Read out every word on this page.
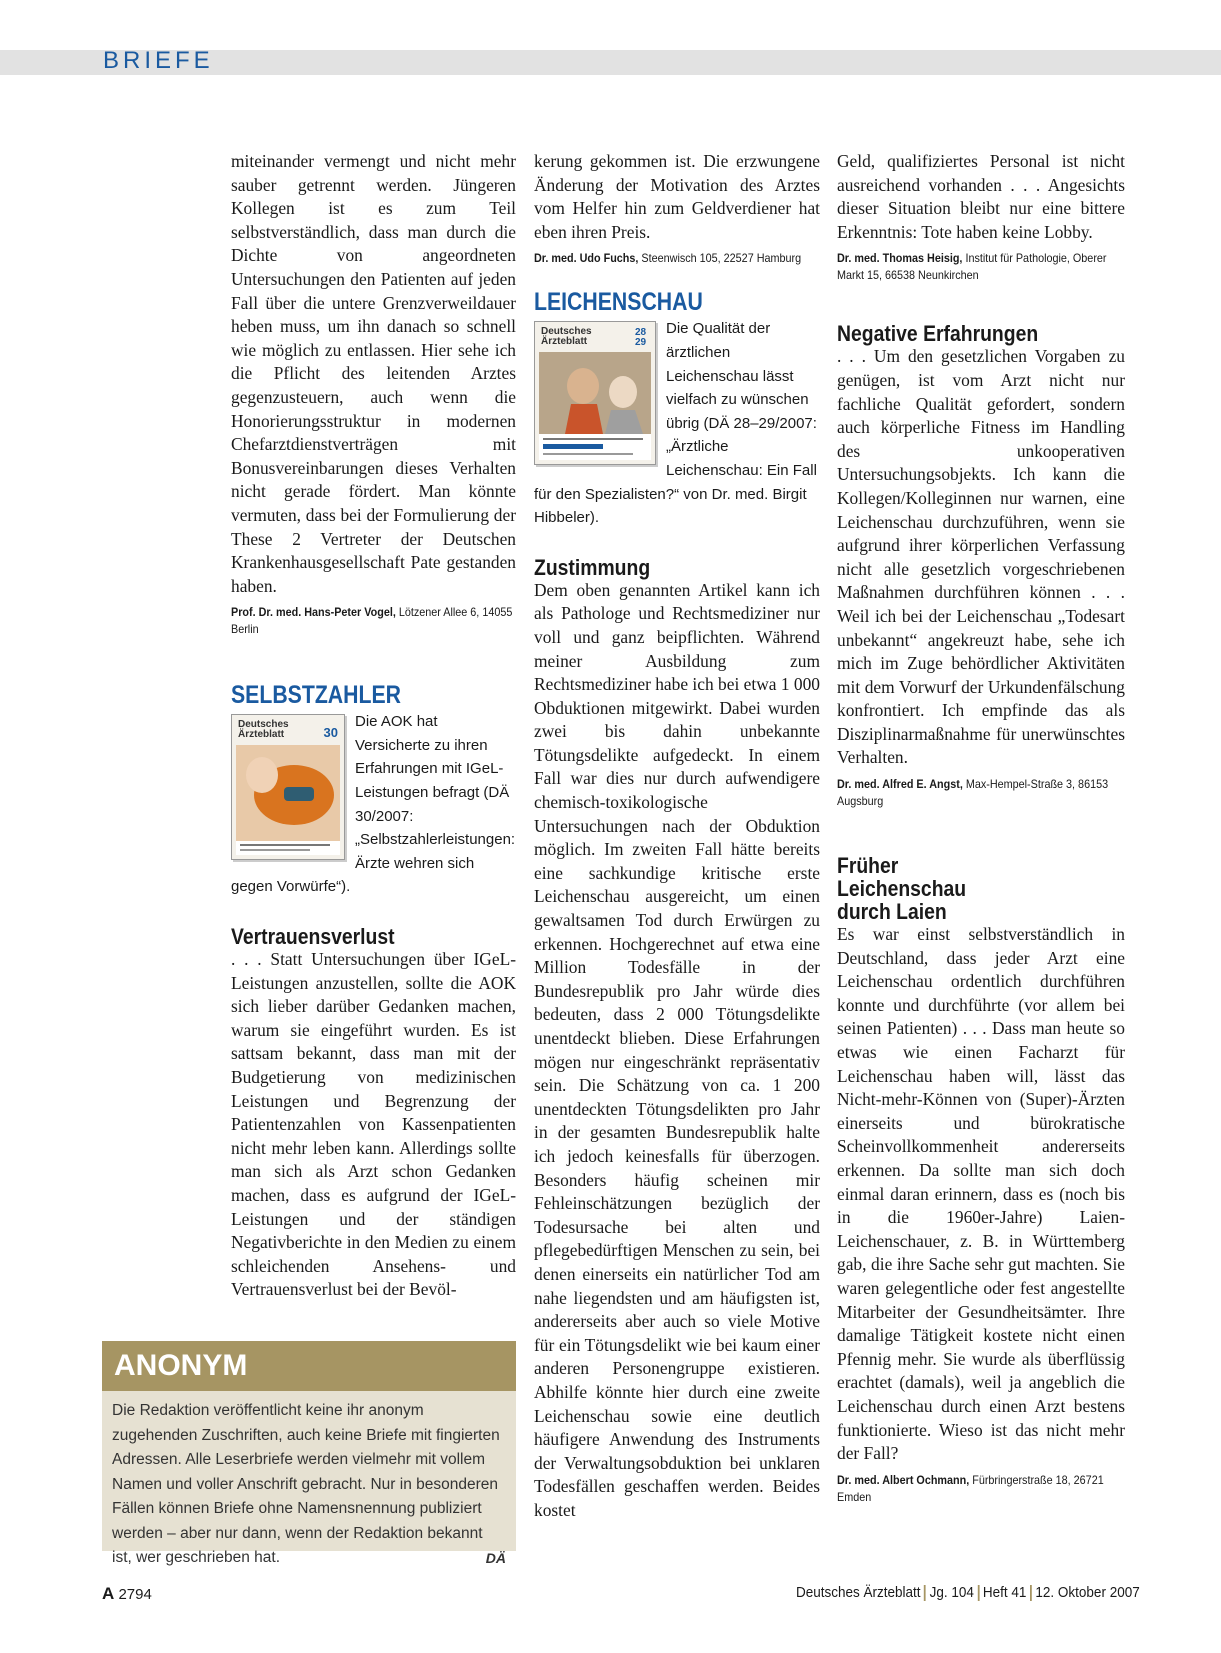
BRIEFE

miteinander vermengt und nicht mehr sauber getrennt werden. Jüngeren Kollegen ist es zum Teil selbstverständlich, dass man durch die Dichte von angeordneten Untersuchungen den Patienten auf jeden Fall über die untere Grenzverweildauer heben muss, um ihn danach so schnell wie möglich zu entlassen. Hier sehe ich die Pflicht des leitenden Arztes gegenzusteuern, auch wenn die Honorierungsstruktur in modernen Chefarztdienstverträgen mit Bonusvereinbarungen dieses Verhalten nicht gerade fördert. Man könnte vermuten, dass bei der Formulierung der These 2 Vertreter der Deutschen Krankenhausgesellschaft Pate gestanden haben.

Prof. Dr. med. Hans-Peter Vogel, Lötzener Allee 6, 14055 Berlin

SELBSTZAHLER
Deutsches Ärzteblatt	30
Die AOK hat Versicherte zu ihren Erfahrungen mit IGeL-Leistungen befragt (DÄ 30/2007: „Selbstzahlerleistungen: Ärzte wehren sich gegen Vorwürfe“).
Vertrauensverlust

. . . Statt Untersuchungen über IGeL-Leistungen anzustellen, sollte die AOK sich lieber darüber Gedanken machen, warum sie eingeführt wurden. Es ist sattsam bekannt, dass man mit der Budgetierung von medizinischen Leistungen und Begrenzung der Patientenzahlen von Kassenpatienten nicht mehr leben kann. Allerdings sollte man sich als Arzt schon Gedanken machen, dass es aufgrund der IGeL-Leistungen und der ständigen Negativberichte in den Medien zu einem schleichenden Ansehens- und Vertrauensverlust bei der Bevöl-

kerung gekommen ist. Die erzwungene Änderung der Motivation des Arztes vom Helfer hin zum Geldverdiener hat eben ihren Preis.

Dr. med. Udo Fuchs, Steenwisch 105, 22527 Hamburg

LEICHENSCHAU
Deutsches Ärzteblatt
28 29
Die Qualität der ärztlichen Leichenschau lässt vielfach zu wünschen übrig (DÄ 28–29/2007: „Ärztliche Leichenschau: Ein Fall für den Spezialisten?“ von Dr. med. Birgit Hibbeler).
Zustimmung

Dem oben genannten Artikel kann ich als Pathologe und Rechtsmediziner nur voll und ganz beipflichten. Während meiner Ausbildung zum Rechtsmediziner habe ich bei etwa 1 000 Obduktionen mitgewirkt. Dabei wurden zwei bis dahin unbekannte Tötungsdelikte aufgedeckt. In einem Fall war dies nur durch aufwendigere chemisch-toxikologische Untersuchungen nach der Obduktion möglich. Im zweiten Fall hätte bereits eine sachkundige kritische erste Leichenschau ausgereicht, um einen gewaltsamen Tod durch Erwürgen zu erkennen. Hochgerechnet auf etwa eine Million Todesfälle in der Bundesrepublik pro Jahr würde dies bedeuten, dass 2 000 Tötungsdelikte unentdeckt blieben. Diese Erfahrungen mögen nur eingeschränkt repräsentativ sein. Die Schätzung von ca. 1 200 unentdeckten Tötungsdelikten pro Jahr in der gesamten Bundesrepublik halte ich jedoch keinesfalls für überzogen. Besonders häufig scheinen mir Fehleinschätzungen bezüglich der Todesursache bei alten und pflegebedürftigen Menschen zu sein, bei denen einerseits ein natürlicher Tod am nahe liegendsten und am häufigsten ist, andererseits aber auch so viele Motive für ein Tötungsdelikt wie bei kaum einer anderen Personengruppe existieren. Abhilfe könnte hier durch eine zweite Leichenschau sowie eine deutlich häufigere Anwendung des Instruments der Verwaltungsobduktion bei unklaren Todesfällen geschaffen werden. Beides kostet

Geld, qualifiziertes Personal ist nicht ausreichend vorhanden . . . Angesichts dieser Situation bleibt nur eine bittere Erkenntnis: Tote haben keine Lobby.

Dr. med. Thomas Heisig, Institut für Pathologie, Oberer Markt 15, 66538 Neunkirchen

Negative Erfahrungen

. . . Um den gesetzlichen Vorgaben zu genügen, ist vom Arzt nicht nur fachliche Qualität gefordert, sondern auch körperliche Fitness im Handling des unkooperativen Untersuchungsobjekts. Ich kann die Kollegen/Kolleginnen nur warnen, eine Leichenschau durchzuführen, wenn sie aufgrund ihrer körperlichen Verfassung nicht alle gesetzlich vorgeschriebenen Maßnahmen durchführen können . . . Weil ich bei der Leichenschau „Todesart unbekannt“ angekreuzt habe, sehe ich mich im Zuge behördlicher Aktivitäten mit dem Vorwurf der Urkundenfälschung konfrontiert. Ich empfinde das als Disziplinarmaßnahme für unerwünschtes Verhalten.

Dr. med. Alfred E. Angst, Max-Hempel-Straße 3, 86153 Augsburg

Früher Leichenschau durch Laien

Es war einst selbstverständlich in Deutschland, dass jeder Arzt eine Leichenschau ordentlich durchführen konnte und durchführte (vor allem bei seinen Patienten) . . . Dass man heute so etwas wie einen Facharzt für Leichenschau haben will, lässt das Nicht-mehr-Können von (Super)-Ärzten einerseits und bürokratische Scheinvollkommenheit andererseits erkennen. Da sollte man sich doch einmal daran erinnern, dass es (noch bis in die 1960er-Jahre) Laien-Leichenschauer, z. B. in Württemberg gab, die ihre Sache sehr gut machten. Sie waren gelegentliche oder fest angestellte Mitarbeiter der Gesundheitsämter. Ihre damalige Tätigkeit kostete nicht einen Pfennig mehr. Sie wurde als überflüssig erachtet (damals), weil ja angeblich die Leichenschau durch einen Arzt bestens funktionierte. Wieso ist das nicht mehr der Fall?

Dr. med. Albert Ochmann, Fürbringerstraße 18, 26721 Emden

ANONYM
Die Redaktion veröffentlicht keine ihr anonym zugehenden Zuschriften, auch keine Briefe mit fingierten Adressen. Alle Leserbriefe werden vielmehr mit vollem Namen und voller Anschrift gebracht. Nur in besonderen Fällen können Briefe ohne Namensnennung publiziert werden – aber nur dann, wenn der Redaktion bekannt ist, wer geschrieben hat.	DÄ
A 2794	Deutsches Ärzteblatt Jg. 104 Heft 41 12. Oktober 2007
